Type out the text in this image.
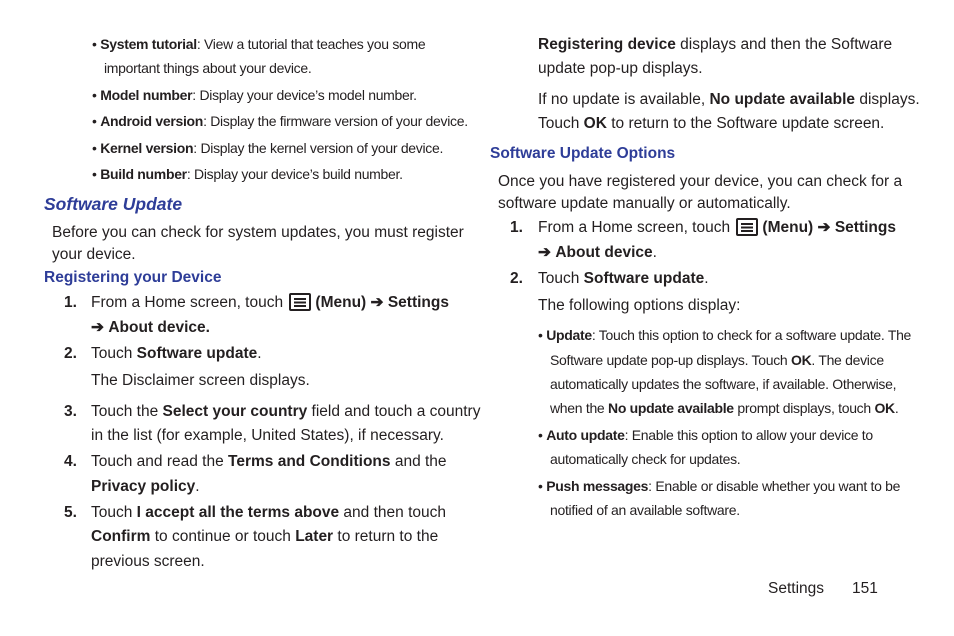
• System tutorial: View a tutorial that teaches you some
important things about your device.
• Model number: Display your device’s model number.
• Android version: Display the firmware version of your device.
• Kernel version: Display the kernel version of your device.
• Build number: Display your device’s build number.
Software Update
Before you can check for system updates, you must register
your device.
Registering your Device
1. From a Home screen, touch (Menu) ➔ Settings
➔ About device.
2. Touch Software update.
The Disclaimer screen displays.
3. Touch the Select your country field and touch a country
in the list (for example, United States), if necessary.
4. Touch and read the Terms and Conditions and the
Privacy policy.
5. Touch I accept all the terms above and then touch
Confirm to continue or touch Later to return to the
previous screen.
Registering device displays and then the Software
update pop-up displays.
If no update is available, No update available displays.
Touch OK to return to the Software update screen.
Software Update Options
Once you have registered your device, you can check for a
software update manually or automatically.
1. From a Home screen, touch (Menu) ➔ Settings
➔ About device.
2. Touch Software update.
The following options display:
• Update: Touch this option to check for a software update. The
Software update pop-up displays. Touch OK. The device
automatically updates the software, if available. Otherwise,
when the No update available prompt displays, touch OK.
• Auto update: Enable this option to allow your device to
automatically check for updates.
• Push messages: Enable or disable whether you want to be
notified of an available software.
Settings 151
